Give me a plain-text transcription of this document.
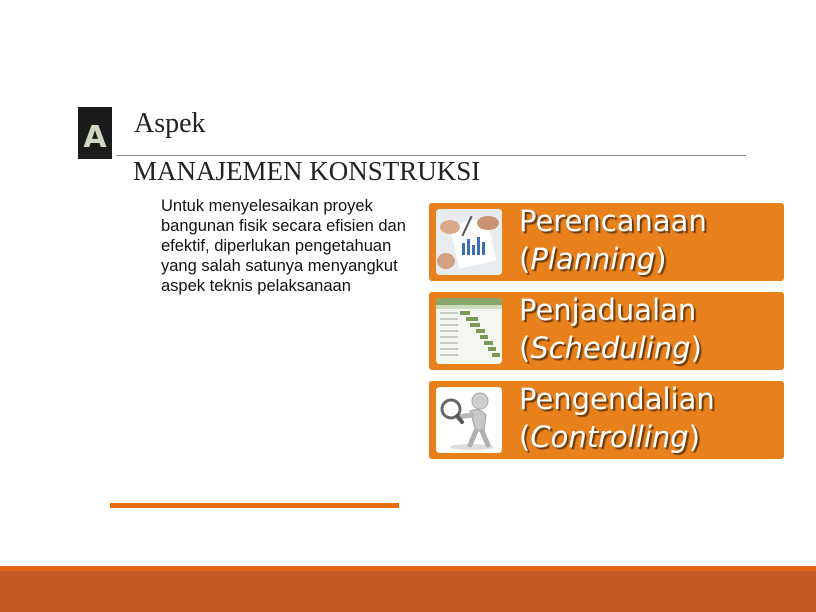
A Aspek
MANAJEMEN KONSTRUKSI
Untuk menyelesaikan proyek bangunan fisik secara efisien dan efektif, diperlukan pengetahuan yang salah satunya menyangkut aspek teknis pelaksanaan
Perencanaan
(Planning)
Penjadualan
(Scheduling)
Pengendalian
(Controlling)
